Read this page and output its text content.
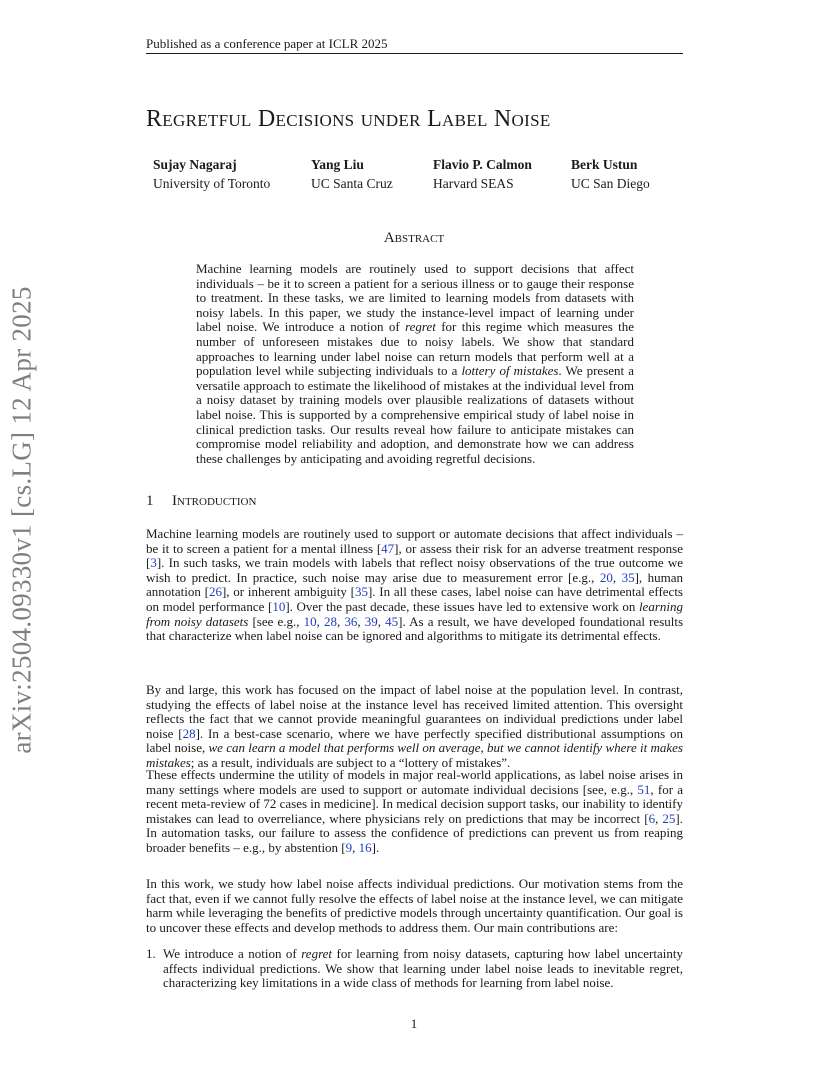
Published as a conference paper at ICLR 2025
arXiv:2504.09330v1 [cs.LG] 12 Apr 2025
Regretful Decisions under Label Noise
Sujay Nagaraj
University of Toronto
Yang Liu
UC Santa Cruz
Flavio P. Calmon
Harvard SEAS
Berk Ustun
UC San Diego
Abstract
Machine learning models are routinely used to support decisions that affect individuals – be it to screen a patient for a serious illness or to gauge their response to treatment. In these tasks, we are limited to learning models from datasets with noisy labels. In this paper, we study the instance-level impact of learning under label noise. We introduce a notion of regret for this regime which measures the number of unforeseen mistakes due to noisy labels. We show that standard approaches to learning under label noise can return models that perform well at a population level while subjecting individuals to a lottery of mistakes. We present a versatile approach to estimate the likelihood of mistakes at the individual level from a noisy dataset by training models over plausible realizations of datasets without label noise. This is supported by a comprehensive empirical study of label noise in clinical prediction tasks. Our results reveal how failure to anticipate mistakes can compromise model reliability and adoption, and demonstrate how we can address these challenges by anticipating and avoiding regretful decisions.
1 Introduction
Machine learning models are routinely used to support or automate decisions that affect individuals – be it to screen a patient for a mental illness [47], or assess their risk for an adverse treatment response [3]. In such tasks, we train models with labels that reflect noisy observations of the true outcome we wish to predict. In practice, such noise may arise due to measurement error [e.g., 20, 35], human annotation [26], or inherent ambiguity [35]. In all these cases, label noise can have detrimental effects on model performance [10]. Over the past decade, these issues have led to extensive work on learning from noisy datasets [see e.g., 10, 28, 36, 39, 45]. As a result, we have developed foundational results that characterize when label noise can be ignored and algorithms to mitigate its detrimental effects.
By and large, this work has focused on the impact of label noise at the population level. In contrast, studying the effects of label noise at the instance level has received limited attention. This oversight reflects the fact that we cannot provide meaningful guarantees on individual predictions under label noise [28]. In a best-case scenario, where we have perfectly specified distributional assumptions on label noise, we can learn a model that performs well on average, but we cannot identify where it makes mistakes; as a result, individuals are subject to a “lottery of mistakes”.
These effects undermine the utility of models in major real-world applications, as label noise arises in many settings where models are used to support or automate individual decisions [see, e.g., 51, for a recent meta-review of 72 cases in medicine]. In medical decision support tasks, our inability to identify mistakes can lead to overreliance, where physicians rely on predictions that may be incorrect [6, 25]. In automation tasks, our failure to assess the confidence of predictions can prevent us from reaping broader benefits – e.g., by abstention [9, 16].
In this work, we study how label noise affects individual predictions. Our motivation stems from the fact that, even if we cannot fully resolve the effects of label noise at the instance level, we can mitigate harm while leveraging the benefits of predictive models through uncertainty quantification. Our goal is to uncover these effects and develop methods to address them. Our main contributions are:
1. We introduce a notion of regret for learning from noisy datasets, capturing how label uncertainty affects individual predictions. We show that learning under label noise leads to inevitable regret, characterizing key limitations in a wide class of methods for learning from label noise.
1
